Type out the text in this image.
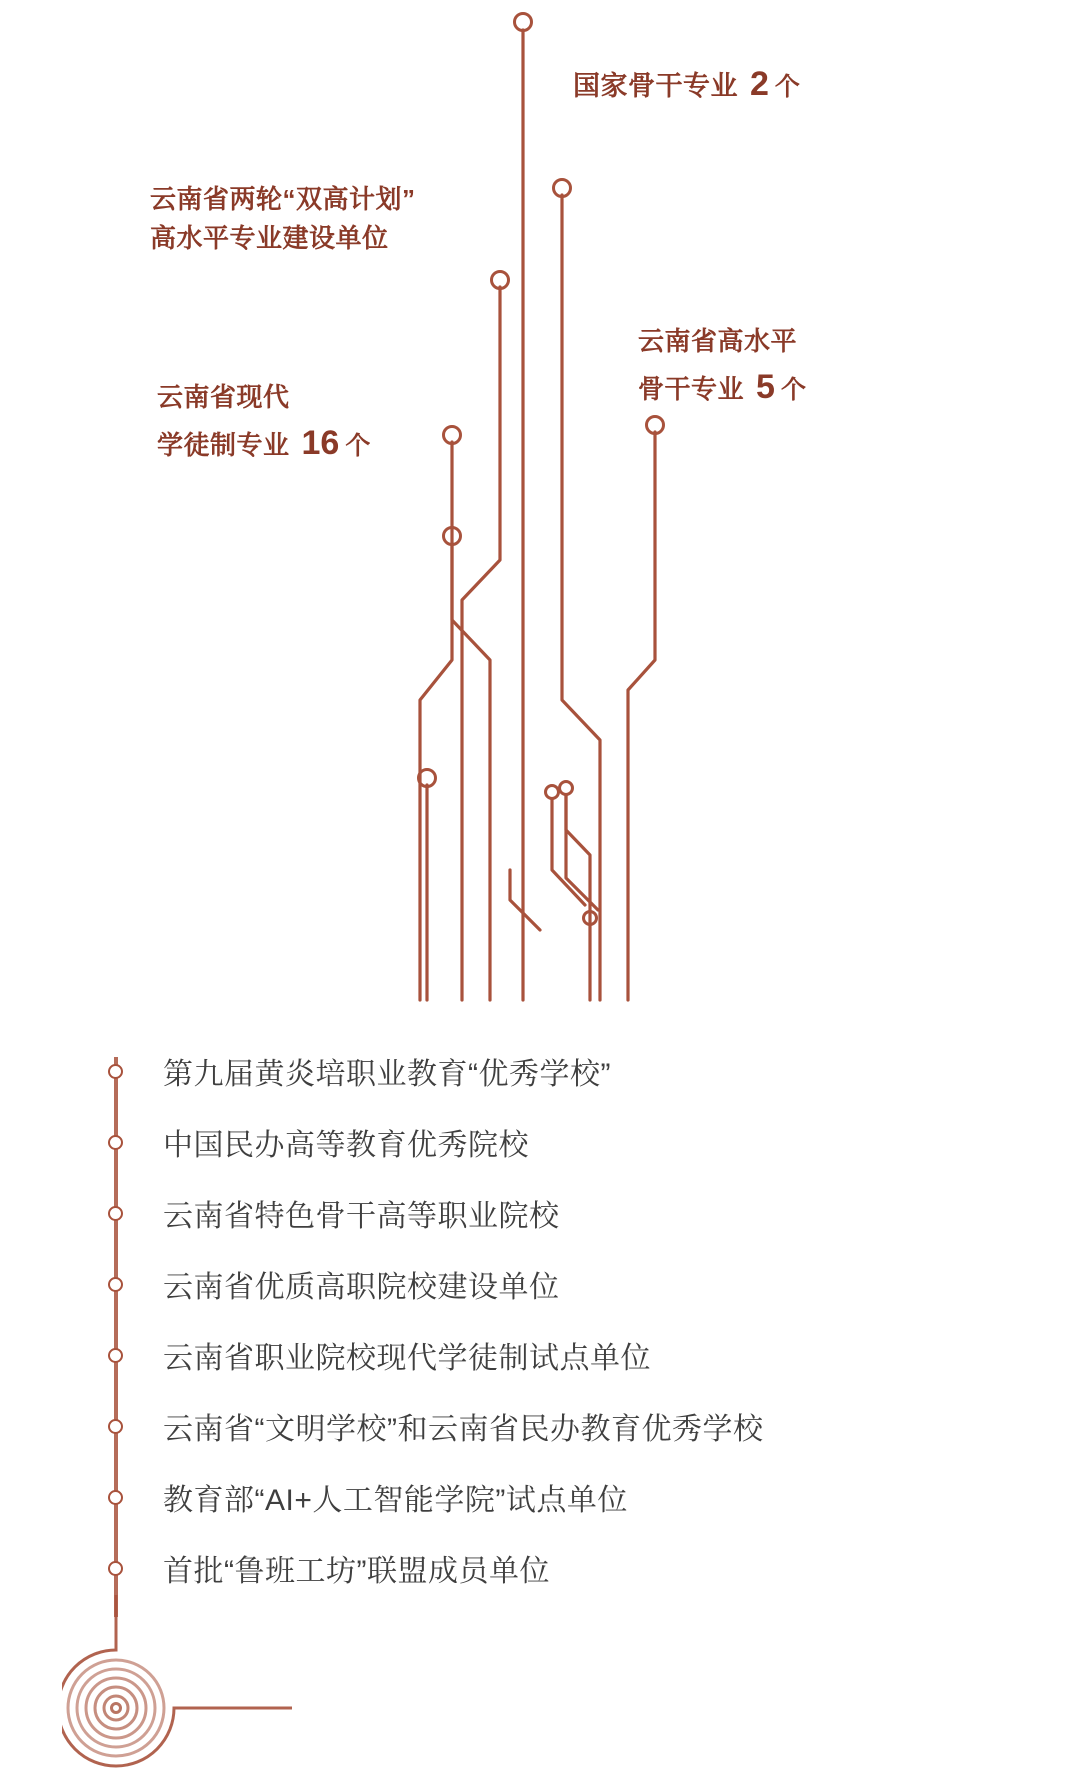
国家骨干专业 2 个
云南省两轮“双高计划”
高水平专业建设单位
云南省高水平
骨干专业 5 个
云南省现代
学徒制专业 16 个
第九届黄炎培职业教育“优秀学校”
中国民办高等教育优秀院校
云南省特色骨干高等职业院校
云南省优质高职院校建设单位
云南省职业院校现代学徒制试点单位
云南省“文明学校”和云南省民办教育优秀学校
教育部“AI+人工智能学院”试点单位
首批“鲁班工坊”联盟成员单位
